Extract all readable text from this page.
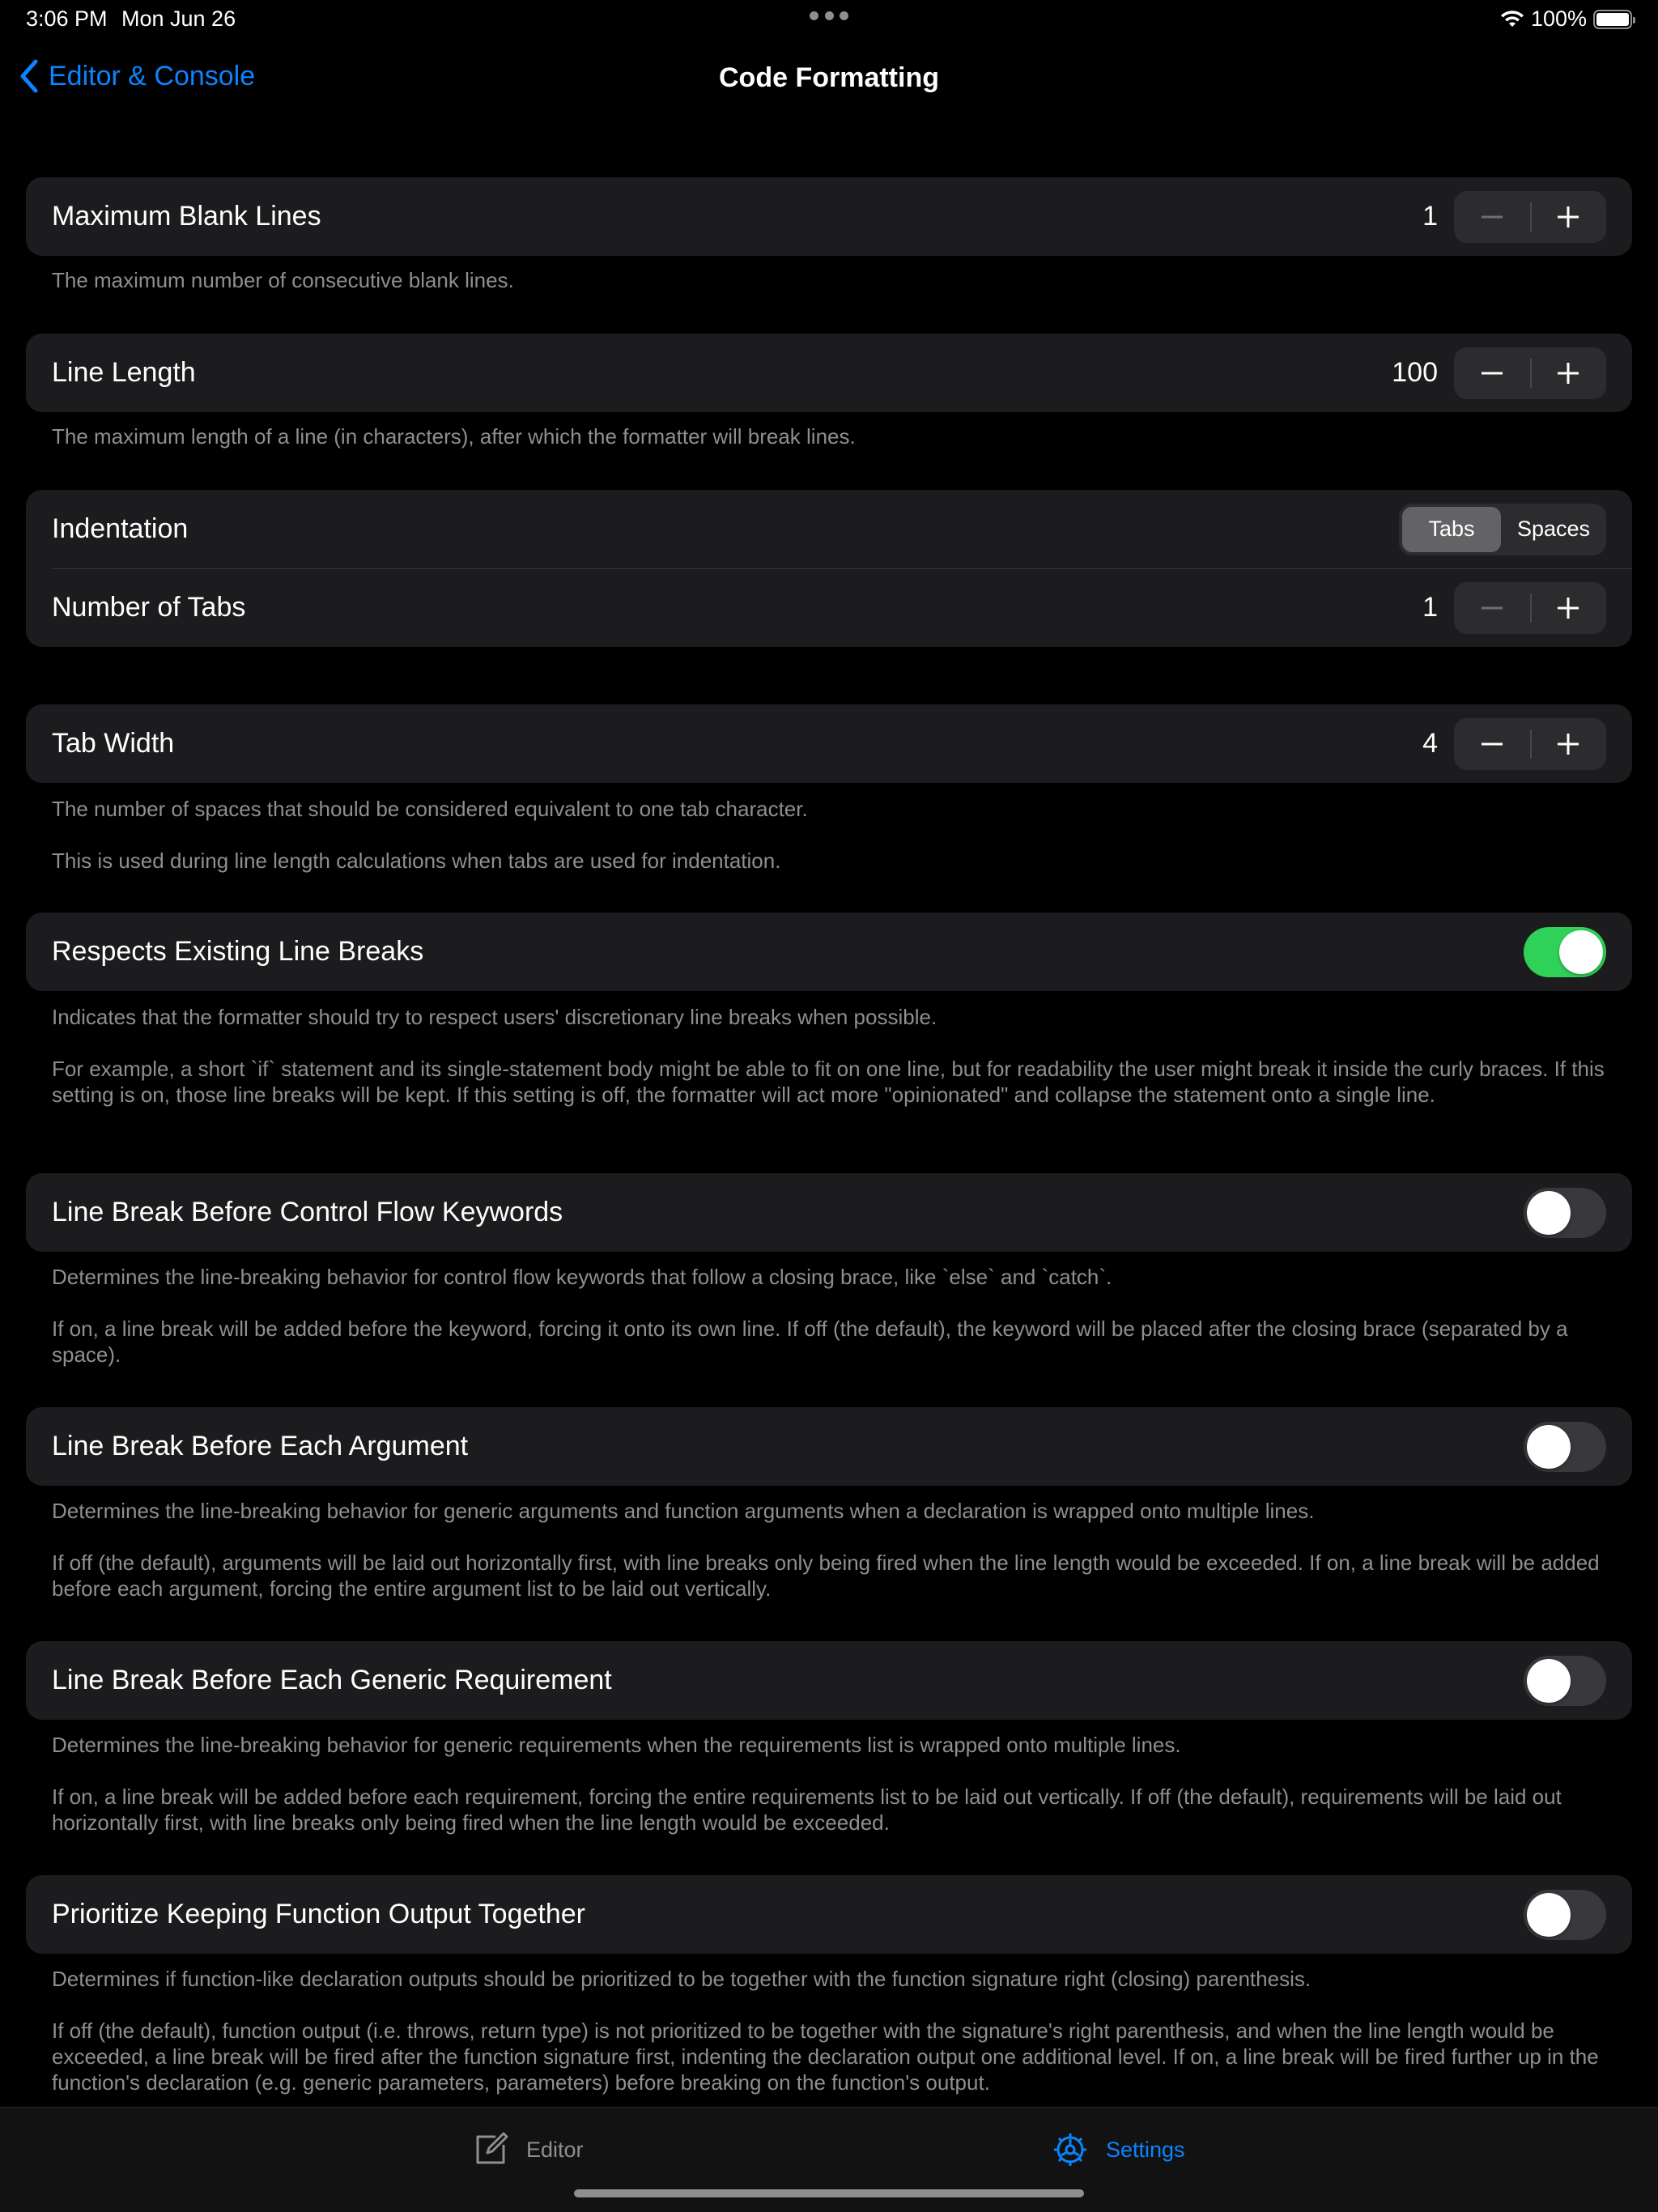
3:06 PM Mon Jun 26	100%
Editor & Console	Code Formatting
Maximum Blank Lines	1

The maximum number of consecutive blank lines.

Line Length	100

The maximum length of a line (in characters), after which the formatter will break lines.

Indentation	Tabs	Spaces
Number of Tabs	1
Tab Width	4

The number of spaces that should be considered equivalent to one tab character.

This is used during line length calculations when tabs are used for indentation.

Respects Existing Line Breaks

Indicates that the formatter should try to respect users' discretionary line breaks when possible.

For example, a short `if` statement and its single-statement body might be able to fit on one line, but for readability the user might break it inside the curly braces. If this setting is on, those line breaks will be kept. If this setting is off, the formatter will act more "opinionated" and collapse the statement onto a single line.

Line Break Before Control Flow Keywords

Determines the line-breaking behavior for control flow keywords that follow a closing brace, like `else` and `catch`.

If on, a line break will be added before the keyword, forcing it onto its own line. If off (the default), the keyword will be placed after the closing brace (separated by a space).

Line Break Before Each Argument

Determines the line-breaking behavior for generic arguments and function arguments when a declaration is wrapped onto multiple lines.

If off (the default), arguments will be laid out horizontally first, with line breaks only being fired when the line length would be exceeded. If on, a line break will be added before each argument, forcing the entire argument list to be laid out vertically.

Line Break Before Each Generic Requirement

Determines the line-breaking behavior for generic requirements when the requirements list is wrapped onto multiple lines.

If on, a line break will be added before each requirement, forcing the entire requirements list to be laid out vertically. If off (the default), requirements will be laid out horizontally first, with line breaks only being fired when the line length would be exceeded.

Prioritize Keeping Function Output Together

Determines if function-like declaration outputs should be prioritized to be together with the function signature right (closing) parenthesis.

If off (the default), function output (i.e. throws, return type) is not prioritized to be together with the signature's right parenthesis, and when the line length would be exceeded, a line break will be fired after the function signature first, indenting the declaration output one additional level. If on, a line break will be fired further up in the function's declaration (e.g. generic parameters, parameters) before breaking on the function's output.

Editor	Settings
